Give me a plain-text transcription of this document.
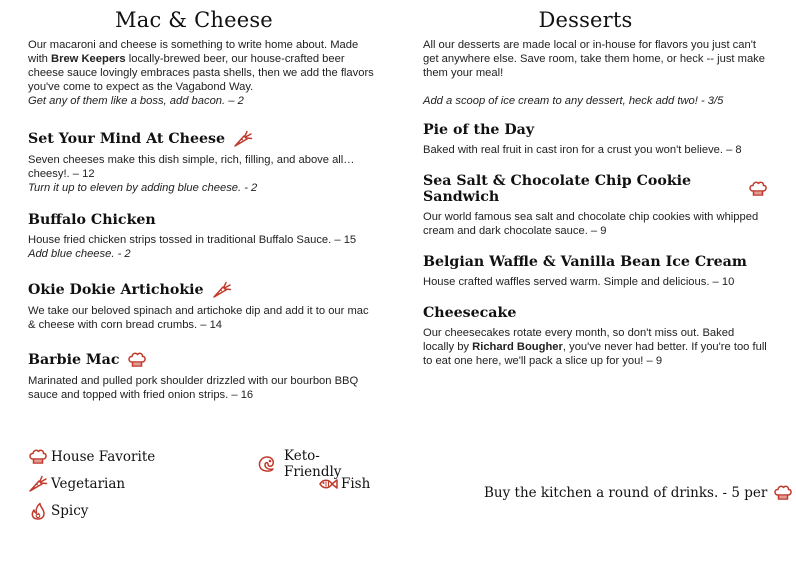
Mac & Cheese

Our macaroni and cheese is something to write home about. Made with Brew Keepers locally-brewed beer, our house-crafted beer cheese sauce lovingly embraces pasta shells, then we add the flavors you've come to expect as the Vagabond Way.

Get any of them like a boss, add bacon. – 2

Set Your Mind At Cheese

Seven cheeses make this dish simple, rich, filling, and above all… cheesy!. – 12

Turn it up to eleven by adding blue cheese. - 2

Buffalo Chicken

House fried chicken strips tossed in traditional Buffalo Sauce. – 15

Add blue cheese. - 2

Okie Dokie Artichokie

We take our beloved spinach and artichoke dip and add it to our mac & cheese with corn bread crumbs. – 14

Barbie Mac

Marinated and pulled pork shoulder drizzled with our bourbon BBQ sauce and topped with fried onion strips. – 16

House Favorite
Vegetarian
Spicy
Keto-Friendly
Fish
Desserts

All our desserts are made local or in-house for flavors you just can't get anywhere else. Save room, take them home, or heck -- just make them your meal!

Add a scoop of ice cream to any dessert, heck add two! - 3/5

Pie of the Day

Baked with real fruit in cast iron for a crust you won't believe. – 8

Sea Salt & Chocolate Chip Cookie Sandwich

Our world famous sea salt and chocolate chip cookies with whipped cream and dark chocolate sauce. – 9

Belgian Waffle & Vanilla Bean Ice Cream

House crafted waffles served warm. Simple and delicious. – 10

Cheesecake

Our cheesecakes rotate every month, so don't miss out. Baked locally by Richard Bougher, you've never had better. If you're too full to eat one here, we'll pack a slice up for you! – 9

Buy the kitchen a round of drinks. - 5 per
